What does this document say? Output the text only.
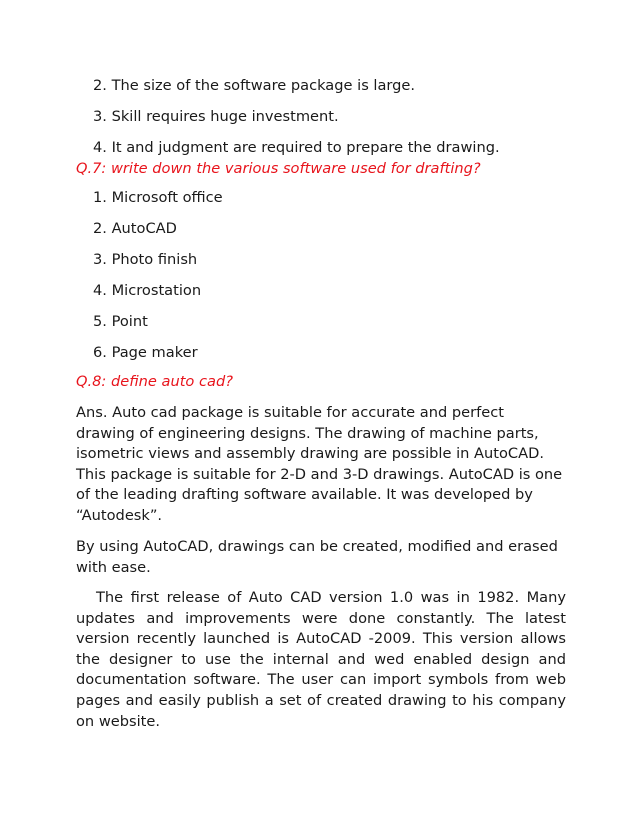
2. The size of the software package is large.
3. Skill requires huge investment.
4. It and judgment are required to prepare the drawing.
Q.7: write down the various software used for drafting?
1. Microsoft office
2. AutoCAD
3. Photo finish
4. Microstation
5. Point
6. Page maker
Q.8: define auto cad?

Ans. Auto cad package is suitable for accurate and perfect drawing of engineering designs. The drawing of machine parts, isometric views and assembly drawing are possible in AutoCAD. This package is suitable for 2-D and 3-D drawings. AutoCAD is one of the leading drafting software available. It was developed by “Autodesk”.

By using AutoCAD, drawings can be created, modified and erased with ease.

The first release of Auto CAD version 1.0 was in 1982. Many updates and improvements were done constantly. The latest version recently launched is AutoCAD -2009. This version allows the designer to use the internal and wed enabled design and documentation software. The user can import symbols from web pages and easily publish a set of created drawing to his company on website.
